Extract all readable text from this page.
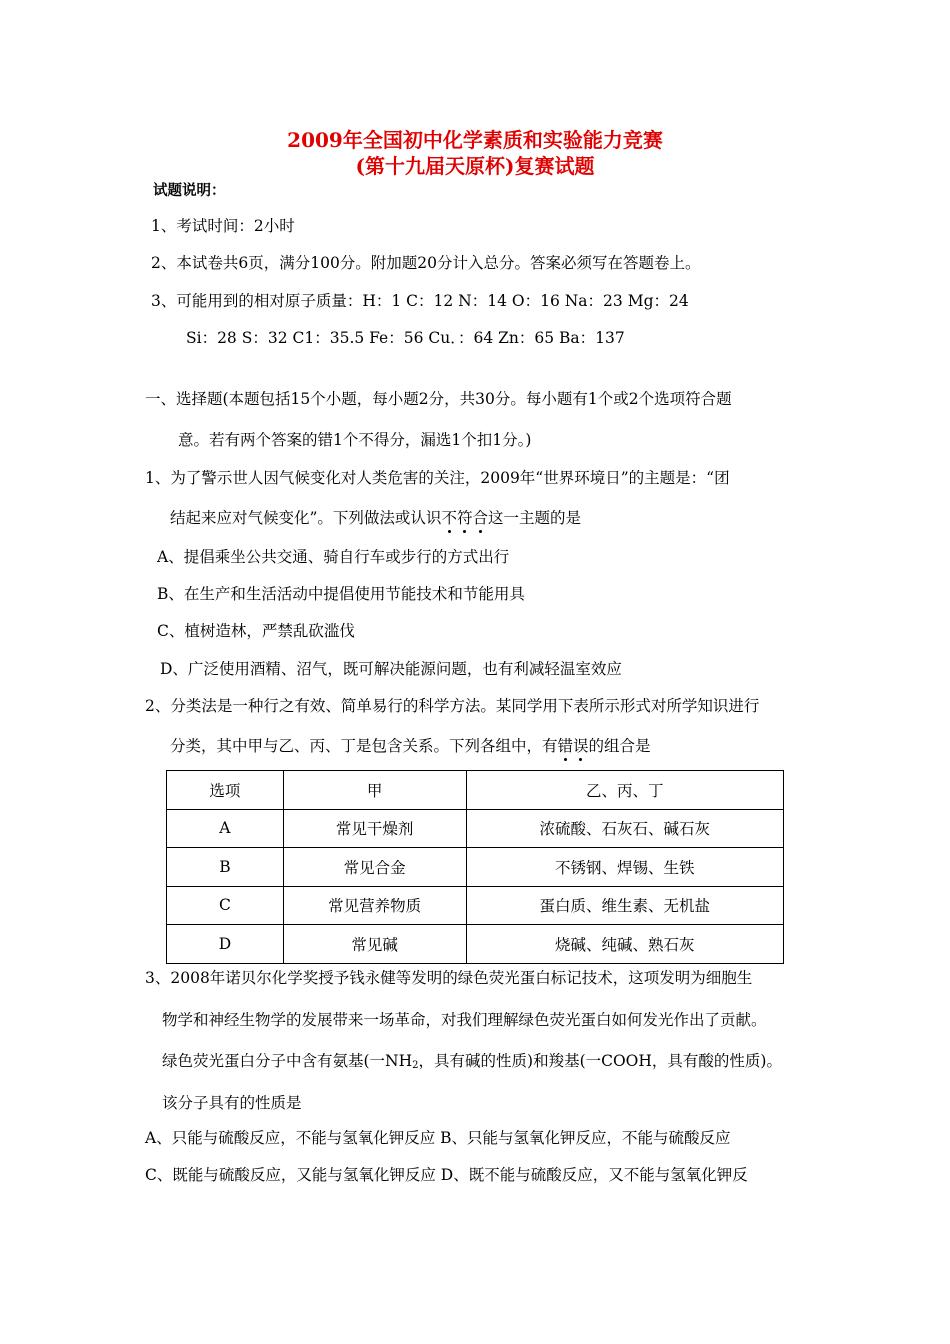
2009年全国初中化学素质和实验能力竞赛
(第十九届天原杯)复赛试题
试题说明：
1、考试时间：2小时
2、本试卷共6页，满分100分。附加题20分计入总分。答案必须写在答题卷上。
3、可能用到的相对原子质量：H：1 C：12 N：14 O：16 Na：23 Mg：24
Si：28 S：32 C1：35.5 Fe：56 Cu．：64 Zn：65 Ba：137
一、选择题(本题包括15个小题，每小题2分，共30分。每小题有1个或2个选项符合题
意。若有两个答案的错1个不得分，漏选1个扣1分。)
1、为了警示世人因气候变化对人类危害的关注，2009年“世界环境日”的主题是：“团
结起来应对气候变化”。下列做法或认识不符合这一主题的是
A、提倡乘坐公共交通、骑自行车或步行的方式出行
B、在生产和生活活动中提倡使用节能技术和节能用具
C、植树造林，严禁乱砍滥伐
D、广泛使用酒精、沼气，既可解决能源问题，也有利减轻温室效应
2、分类法是一种行之有效、简单易行的科学方法。某同学用下表所示形式对所学知识进行
分类，其中甲与乙、丙、丁是包含关系。下列各组中，有错误的组合是
选项	甲	乙、丙、丁
A	常见干燥剂	浓硫酸、石灰石、碱石灰
B	常见合金	不锈钢、焊锡、生铁
C	常见营养物质	蛋白质、维生素、无机盐
D	常见碱	烧碱、纯碱、熟石灰
3、2008年诺贝尔化学奖授予钱永健等发明的绿色荧光蛋白标记技术，这项发明为细胞生
物学和神经生物学的发展带来一场革命，对我们理解绿色荧光蛋白如何发光作出了贡献。
绿色荧光蛋白分子中含有氨基(一$NH_2$，具有碱的性质)和羧基(一COOH，具有酸的性质)。
该分子具有的性质是
A、只能与硫酸反应，不能与氢氧化钾反应 B、只能与氢氧化钾反应，不能与硫酸反应
C、既能与硫酸反应，又能与氢氧化钾反应 D、既不能与硫酸反应，又不能与氢氧化钾反
